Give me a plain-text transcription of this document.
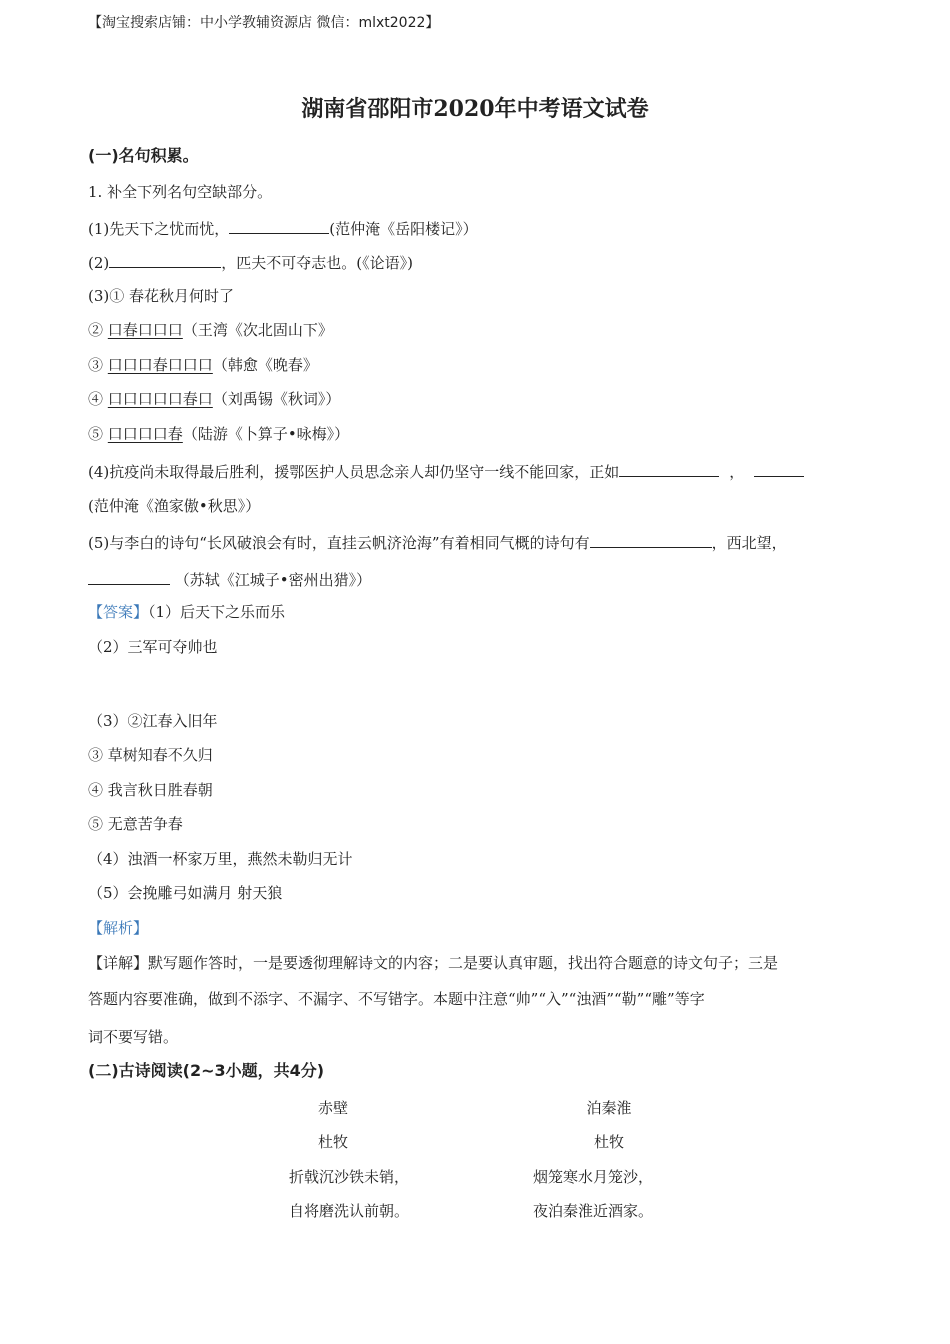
【淘宝搜索店铺：中小学教辅资源店 微信：mlxt2022】
湖南省邵阳市2020年中考语文试卷
(一)名句积累。
1. 补全下列名句空缺部分。
(1)先天下之忧而忧，	(范仲淹《岳阳楼记》）
(2)	，匹夫不可夺志也。(《论语》)
(3)① 春花秋月何时了
② 口春口口口（王湾《次北固山下》
③ 口口口春口口口（韩愈《晚春》
④ 口口口口口春口（刘禹锡《秋词》）
⑤ 口口口口春（陆游《卜算子•咏梅》）
(4)抗疫尚未取得最后胜利，援鄂医护人员思念亲人却仍坚守一线不能回家，正如	，
(范仲淹《渔家傲•秋思》）
(5)与李白的诗句“长风破浪会有时，直挂云帆济沧海”有着相同气概的诗句有	，西北望，
（苏轼《江城子•密州出猎》）
【答案】（1）后天下之乐而乐
（2）三军可夺帅也
（3）②江春入旧年
③ 草树知春不久归
④ 我言秋日胜春朝
⑤ 无意苦争春
（4）浊酒一杯家万里，燕然未勒归无计
（5）会挽雕弓如满月 射天狼
【解析】
【详解】默写题作答时，一是要透彻理解诗文的内容；二是要认真审题，找出符合题意的诗文句子；三是
答题内容要准确，做到不添字、不漏字、不写错字。本题中注意“帅”“入”“浊酒”“勒”“雕”等字
词不要写错。
(二)古诗阅读(2~3小题，共4分)
赤壁	泊秦淮
杜牧	杜牧
折戟沉沙铁未销，	烟笼寒水月笼沙，
自将磨洗认前朝。	夜泊秦淮近酒家。
